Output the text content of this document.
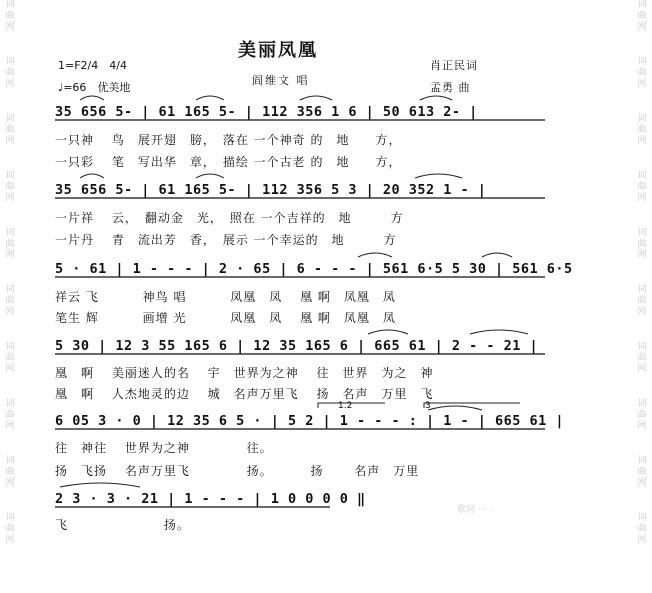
词
曲
网
词
曲
网
词
曲
网
词
曲
网
词
曲
网
词
曲
网
词
曲
网
词
曲
网
词
曲
网
词
曲
网
词
曲
网
词
曲
网
词
曲
网
词
曲
网
词
曲
网
词
曲
网
词
曲
网
词
曲
网
词
曲
网
词
曲
网
美丽凤凰
1=F2/4　4/4
♩=66　优美地
阎维文 唱
肖正民词
孟勇 曲
35 656 5- | 61 165 5- | 112 356 1 6 | 50 613 2- |
一只神　 鸟　展开翅　膀，　落在 一个神奇 的　地　　方，
一只彩　 笔　写出华　章，　描绘 一个古老 的　地　　方，
35 656 5- | 61 165 5- | 112 356 5 3 | 20 352 1 - |
一片祥　 云，　翻动金　光，　照在 一个吉祥的　地　　　方
一片丹　 青　流出芳　香，　展示 一个幸运的　地　　　方
5 · 61 | 1 - - - | 2 · 65 | 6 - - - | 561 6·5 5 30 | 561 6·5
祥云 飞　　　 神鸟 唱　　　 凤凰　凤　 凰 啊　凤凰　凤
笔生 辉　　　 画增 光　　　 凤凰　凤　 凰 啊　凤凰　凤
5 30 | 12 3 55 165 6 | 12 35 165 6 | 665 61 | 2 - - 21 |
凰　啊　 美丽迷人的名　 宇　世界为之神　 往　世界　为之　神
凰　啊　 人杰地灵的边　 城　名声万里飞　 扬　名声　万里　飞
6 05 3 · 0 | 12 35 6 5 · | 5 2 | 1 - - - : | 1 - | 665 61 |
往　神往　 世界为之神　　　　 往。
扬　飞扬　 名声万里飞　　　　 扬。　　　 扬　　 名声　万里
2 3 · 3 · 21 | 1 - - - | 1 0 0 0 0 ‖
飞　　　　　　　 扬。
1.2	3
歌词 ··· ·
